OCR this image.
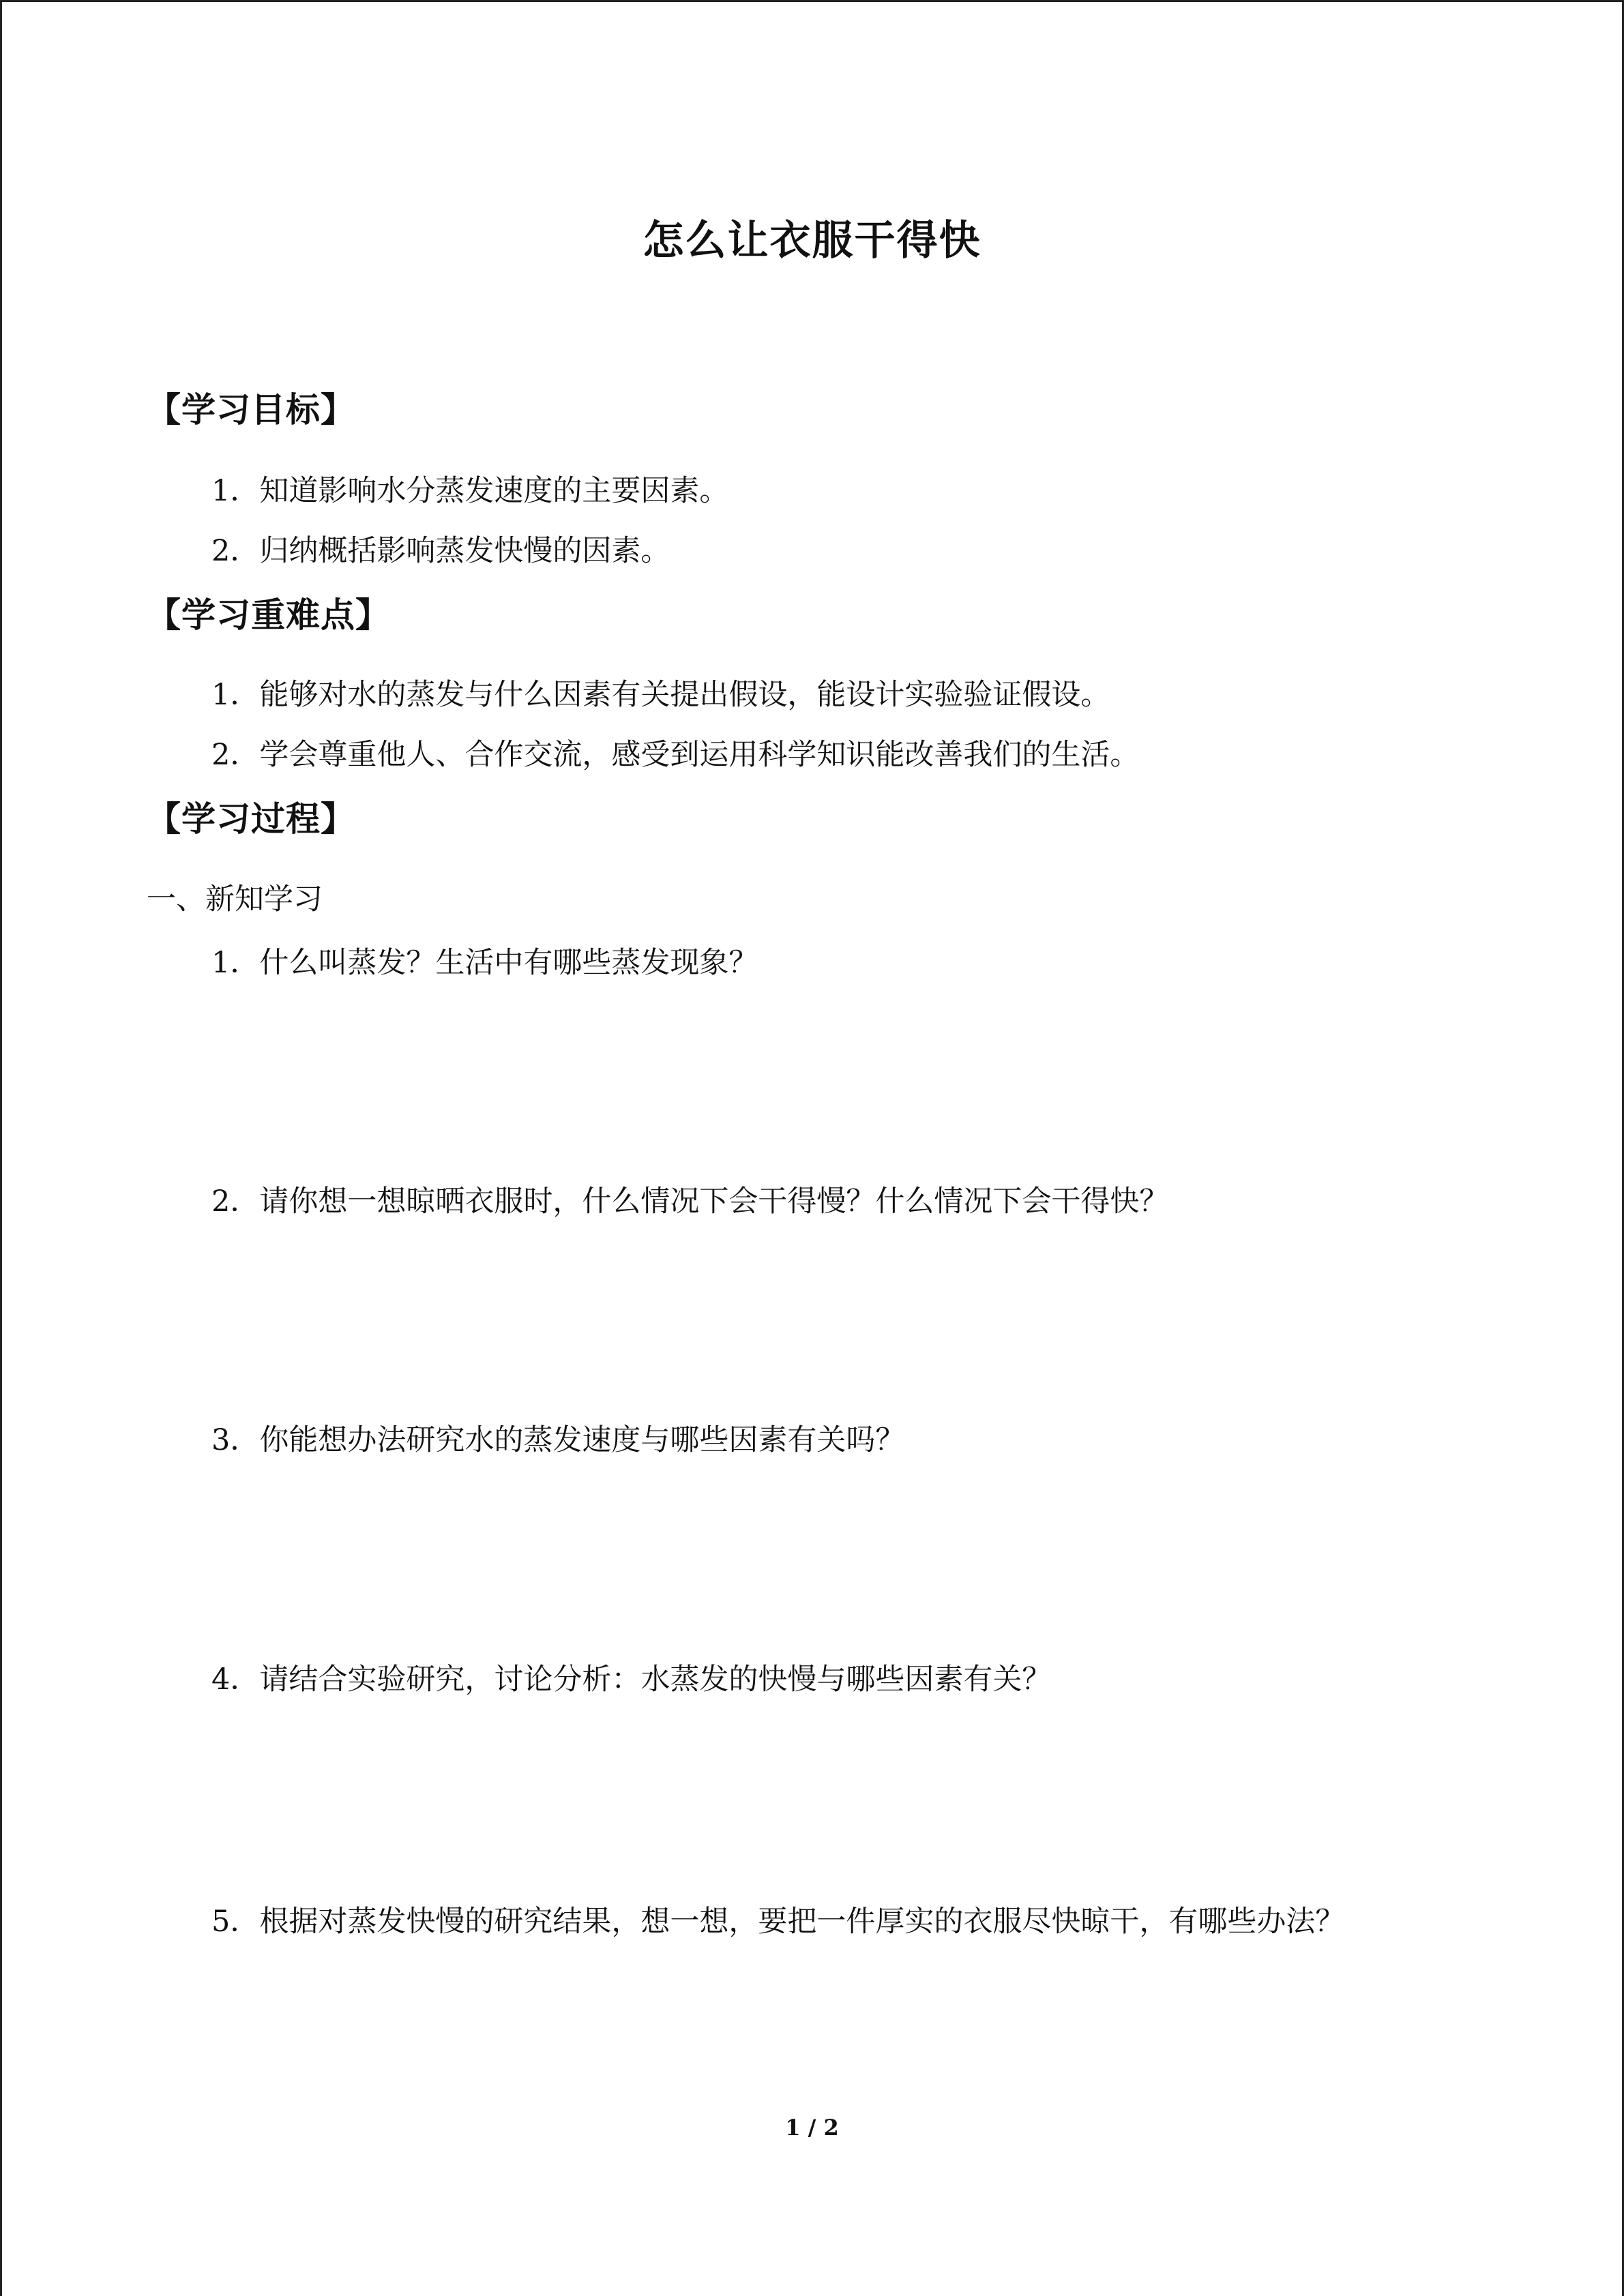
怎么让衣服干得快
【学习目标】
1．知道影响水分蒸发速度的主要因素。
2．归纳概括影响蒸发快慢的因素。
【学习重难点】
1．能够对水的蒸发与什么因素有关提出假设，能设计实验验证假设。
2．学会尊重他人、合作交流，感受到运用科学知识能改善我们的生活。
【学习过程】
一、新知学习
1．什么叫蒸发？生活中有哪些蒸发现象？
2．请你想一想晾晒衣服时，什么情况下会干得慢？什么情况下会干得快？
3．你能想办法研究水的蒸发速度与哪些因素有关吗？
4．请结合实验研究，讨论分析：水蒸发的快慢与哪些因素有关？
5．根据对蒸发快慢的研究结果，想一想，要把一件厚实的衣服尽快晾干，有哪些办法？
1 / 2
